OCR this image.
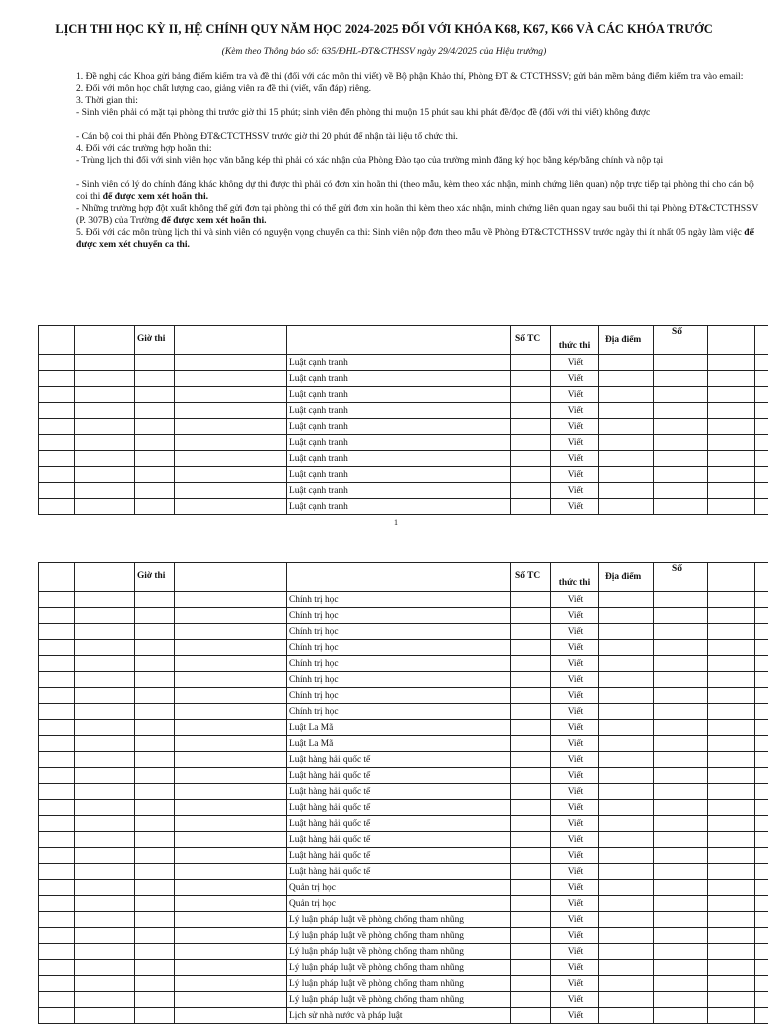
LỊCH THI HỌC KỲ II, HỆ CHÍNH QUY NĂM HỌC 2024-2025 ĐỐI VỚI KHÓA K68, K67, K66 VÀ CÁC KHÓA TRƯỚC
(Kèm theo Thông báo số: 635/ĐHL-ĐT&CTHSSV ngày 29/4/2025 của Hiệu trưởng)
1. Đề nghị các Khoa gửi bảng điểm kiểm tra và đề thi (đối với các môn thi viết) về Bộ phận Khảo thí, Phòng ĐT & CTCTHSSV; gửi bản mềm bảng điểm kiểm tra vào email:
2. Đối với môn học chất lượng cao, giảng viên ra đề thi (viết, vấn đáp) riêng.
3. Thời gian thi:
- Sinh viên phải có mặt tại phòng thi trước giờ thi 15 phút; sinh viên đến phòng thi muộn 15 phút sau khi phát đề/đọc đề (đối với thi viết) không được
- Cán bộ coi thi phải đến Phòng ĐT&CTCTHSSV trước giờ thi 20 phút để nhận tài liệu tổ chức thi.
4. Đối với các trường hợp hoãn thi:
- Trùng lịch thi đối với sinh viên học văn bằng kép thì phải có xác nhận của Phòng Đào tạo của trường mình đăng ký học bằng kép/bằng chính và nộp tại
- Sinh viên có lý do chính đáng khác không dự thi được thì phải có đơn xin hoãn thi (theo mẫu, kèm theo xác nhận, minh chứng liên quan) nộp trực tiếp tại phòng thi cho cán bộ coi thi để được xem xét hoãn thi.
- Những trường hợp đột xuất không thể gửi đơn tại phòng thi có thể gửi đơn xin hoãn thi kèm theo xác nhận, minh chứng liên quan ngay sau buổi thi tại Phòng ĐT&CTCTHSSV (P. 307B) của Trường để được xem xét hoãn thi.
5. Đối với các môn trùng lịch thi và sinh viên có nguyện vọng chuyển ca thi: Sinh viên nộp đơn theo mẫu về Phòng ĐT&CTCTHSSV trước ngày thi ít nhất 05 ngày làm việc để được xem xét chuyển ca thi.

		Giờ thi			Số TC	thức thi	Địa điểm	Số		

				Luật cạnh tranh		Viết				
				Luật cạnh tranh		Viết				
				Luật cạnh tranh		Viết				
				Luật cạnh tranh		Viết				
				Luật cạnh tranh		Viết				
				Luật cạnh tranh		Viết				
				Luật cạnh tranh		Viết				
				Luật cạnh tranh		Viết				
				Luật cạnh tranh		Viết				
				Luật cạnh tranh		Viết				
1

		Giờ thi			Số TC	thức thi	Địa điểm	Số		

				Chính trị học		Viết				
				Chính trị học		Viết				
				Chính trị học		Viết				
				Chính trị học		Viết				
				Chính trị học		Viết				
				Chính trị học		Viết				
				Chính trị học		Viết				
				Chính trị học		Viết				
				Luật La Mã		Viết				
				Luật La Mã		Viết				
				Luật hàng hải quốc tế		Viết				
				Luật hàng hải quốc tế		Viết				
				Luật hàng hải quốc tế		Viết				
				Luật hàng hải quốc tế		Viết				
				Luật hàng hải quốc tế		Viết				
				Luật hàng hải quốc tế		Viết				
				Luật hàng hải quốc tế		Viết				
				Luật hàng hải quốc tế		Viết				
				Quản trị học		Viết				
				Quản trị học		Viết				
				Lý luận pháp luật về phòng chống tham nhũng		Viết				
				Lý luận pháp luật về phòng chống tham nhũng		Viết				
				Lý luận pháp luật về phòng chống tham nhũng		Viết				
				Lý luận pháp luật về phòng chống tham nhũng		Viết				
				Lý luận pháp luật về phòng chống tham nhũng		Viết				
				Lý luận pháp luật về phòng chống tham nhũng		Viết				
				Lịch sử nhà nước và pháp luật		Viết				
